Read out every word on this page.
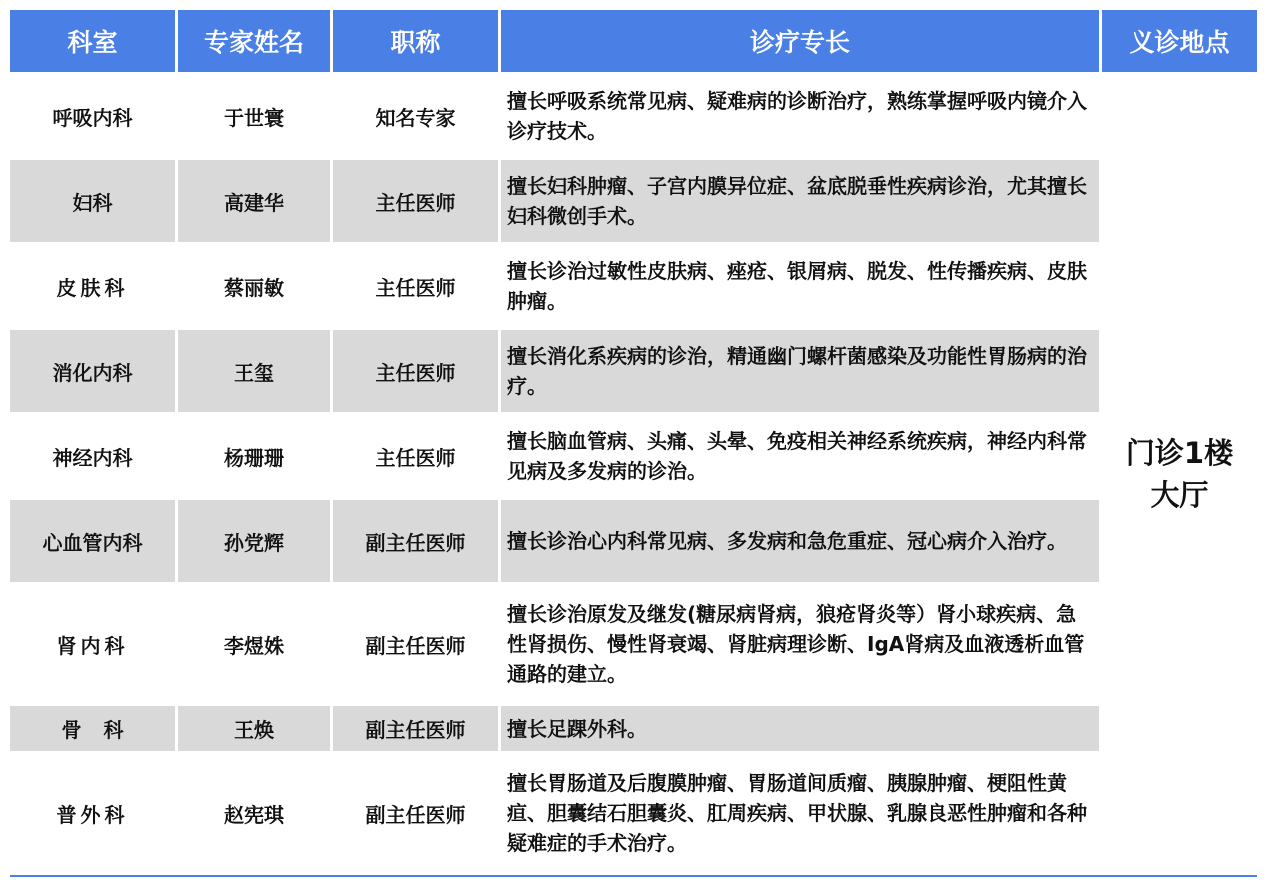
科室	专家姓名	职称	诊疗专长	义诊地点
呼吸内科	于世寰	知名专家	擅长呼吸系统常见病、疑难病的诊断治疗，熟练掌握呼吸内镜介入诊疗技术。	门诊1楼
大厅

妇科	高建华	主任医师	擅长妇科肿瘤、子宫内膜异位症、盆底脱垂性疾病诊治，尤其擅长妇科微创手术。	
皮肤科	蔡丽敏	主任医师	擅长诊治过敏性皮肤病、痤疮、银屑病、脱发、性传播疾病、皮肤肿瘤。	
消化内科	王玺	主任医师	擅长消化系疾病的诊治，精通幽门螺杆菌感染及功能性胃肠病的治疗。	
神经内科	杨珊珊	主任医师	擅长脑血管病、头痛、头晕、免疫相关神经系统疾病，神经内科常见病及多发病的诊治。	
心血管内科	孙党辉	副主任医师	擅长诊治心内科常见病、多发病和急危重症、冠心病介入治疗。	
肾内科	李煜姝	副主任医师	擅长诊治原发及继发(糖尿病肾病，狼疮肾炎等）肾小球疾病、急性肾损伤、慢性肾衰竭、肾脏病理诊断、IgA肾病及血液透析血管通路的建立。	
骨科	王焕	副主任医师	擅长足踝外科。	
普外科	赵宪琪	副主任医师	擅长胃肠道及后腹膜肿瘤、胃肠道间质瘤、胰腺肿瘤、梗阻性黄疸、胆囊结石胆囊炎、肛周疾病、甲状腺、乳腺良恶性肿瘤和各种疑难症的手术治疗。	
